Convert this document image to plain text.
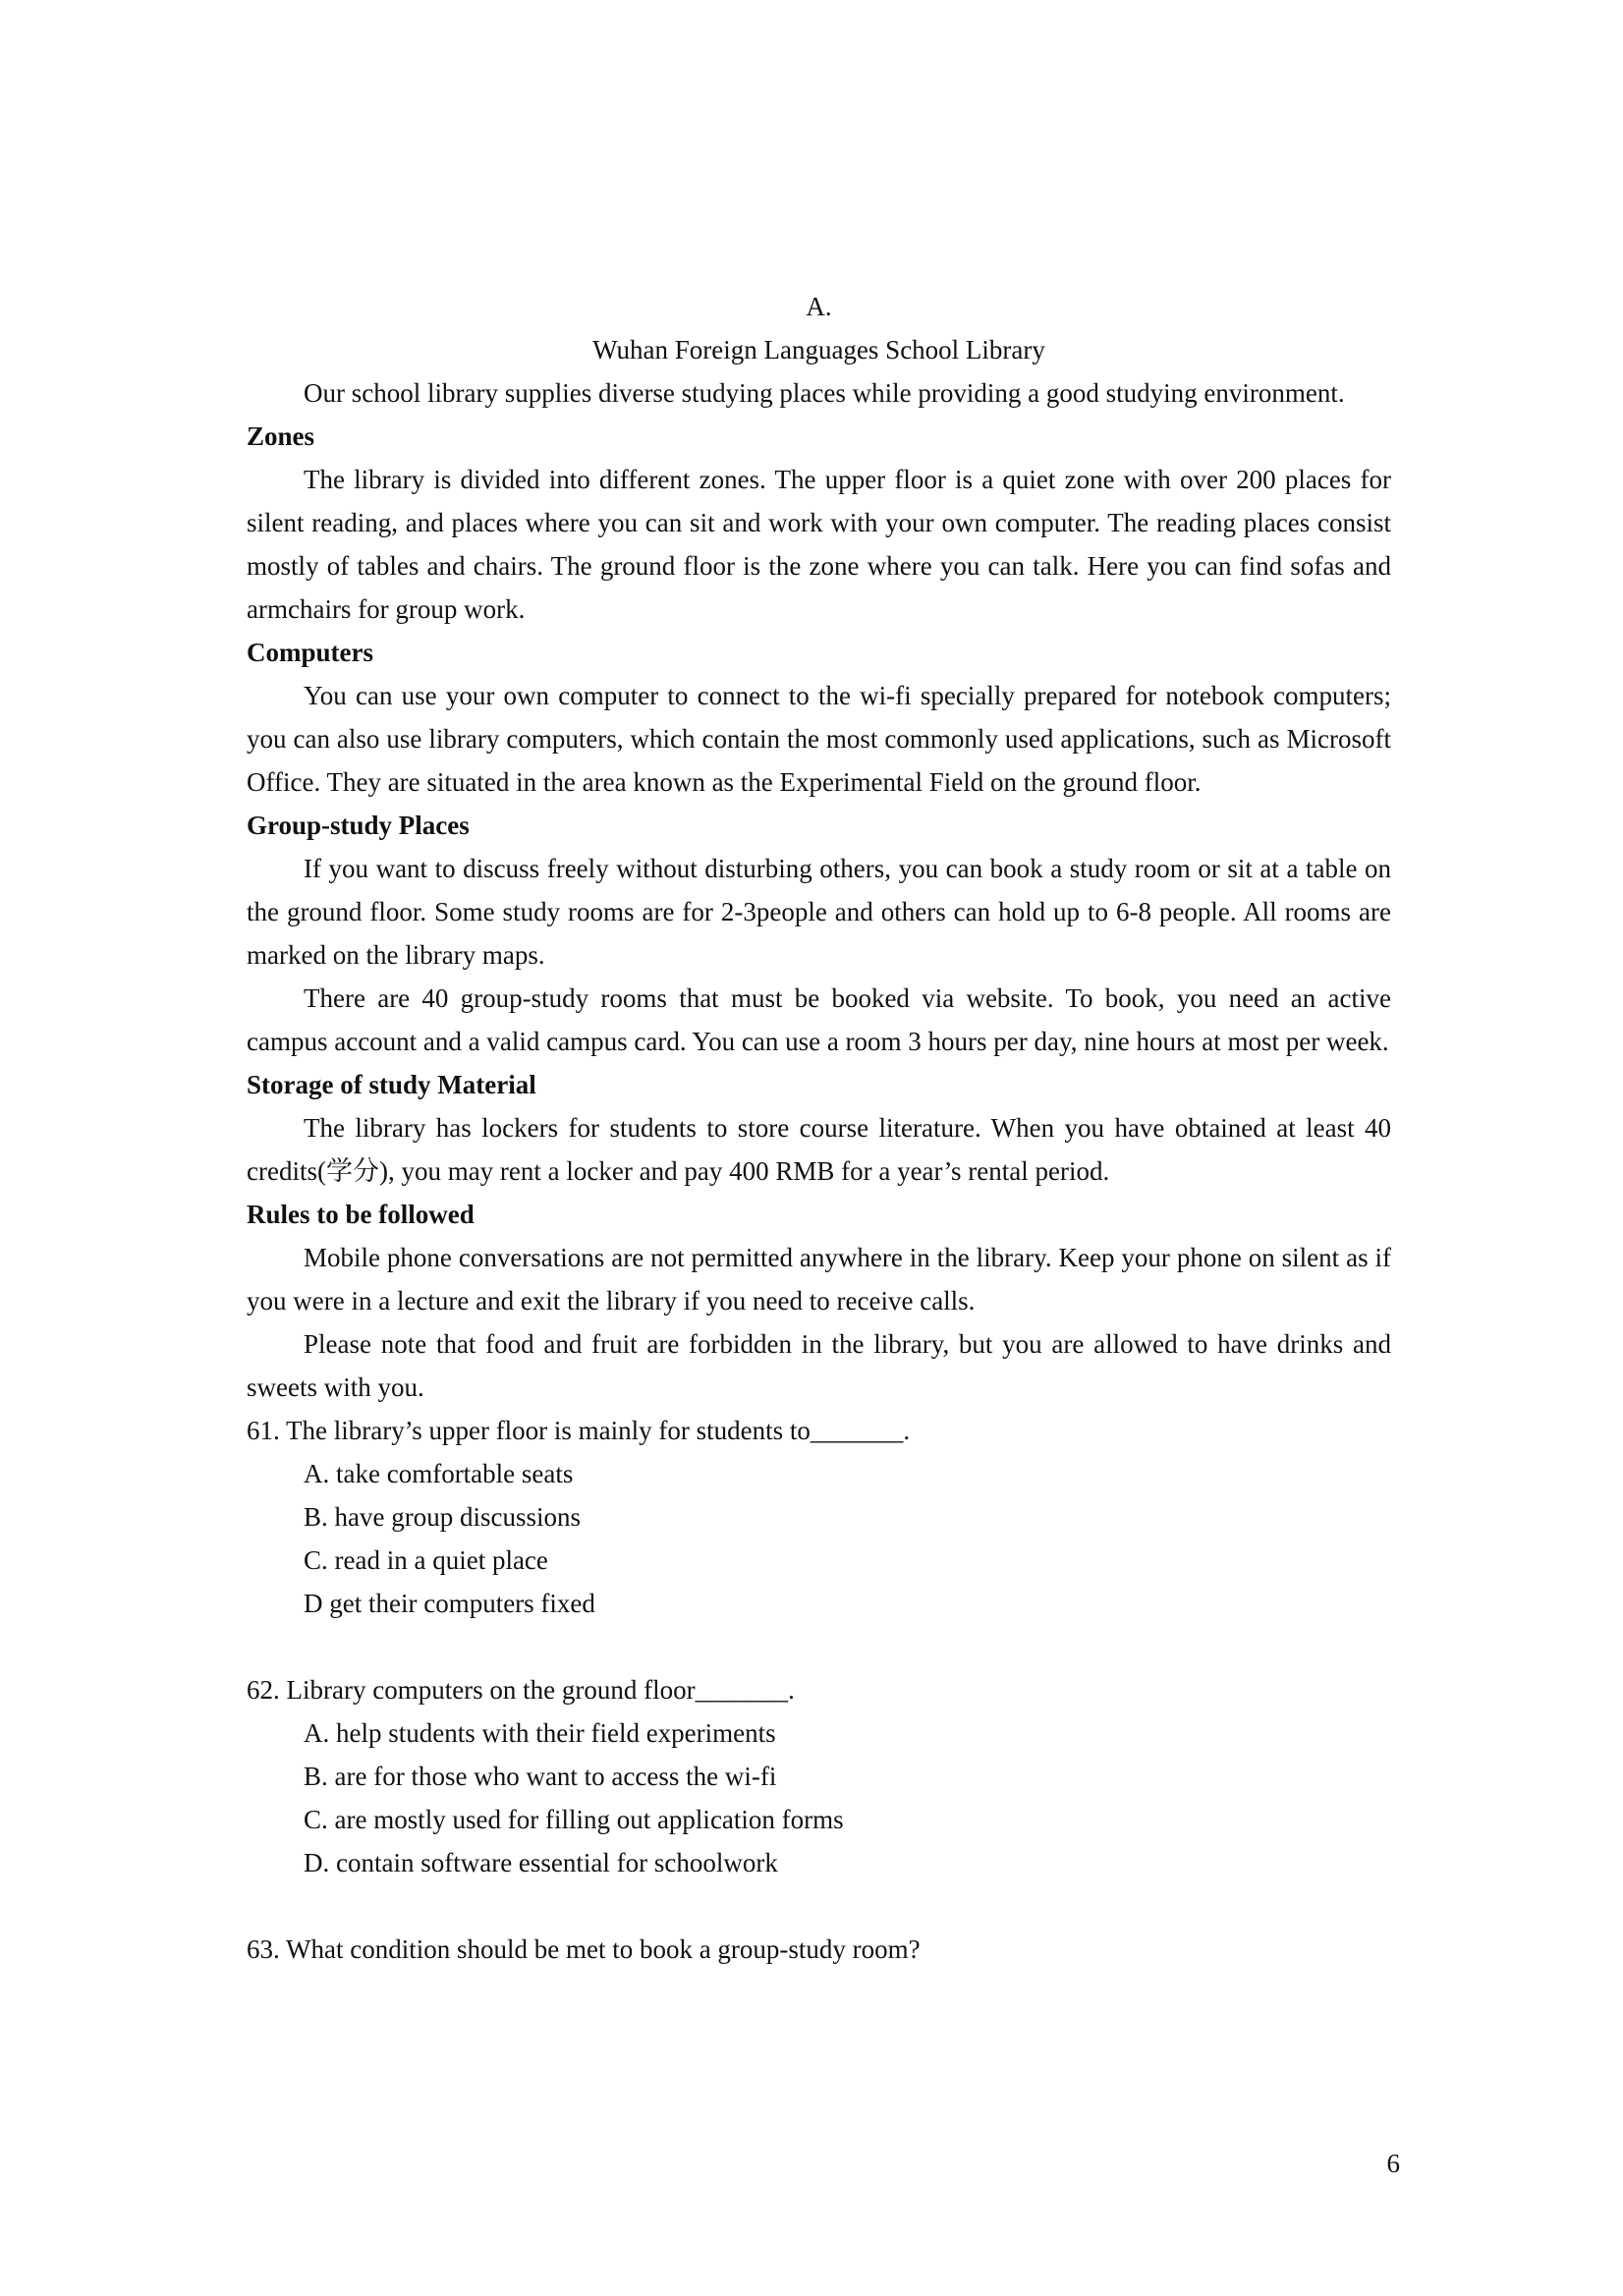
A.
Wuhan Foreign Languages School Library

Our school library supplies diverse studying places while providing a good studying environment.

Zones

The library is divided into different zones. The upper floor is a quiet zone with over 200 places for silent reading, and places where you can sit and work with your own computer. The reading places consist mostly of tables and chairs. The ground floor is the zone where you can talk. Here you can find sofas and armchairs for group work.

Computers

You can use your own computer to connect to the wi-fi specially prepared for notebook computers; you can also use library computers, which contain the most commonly used applications, such as Microsoft Office. They are situated in the area known as the Experimental Field on the ground floor.

Group-study Places

If you want to discuss freely without disturbing others, you can book a study room or sit at a table on the ground floor. Some study rooms are for 2-3people and others can hold up to 6-8 people. All rooms are marked on the library maps.

There are 40 group-study rooms that must be booked via website. To book, you need an active campus account and a valid campus card. You can use a room 3 hours per day, nine hours at most per week.

Storage of study Material

The library has lockers for students to store course literature. When you have obtained at least 40 credits(学分), you may rent a locker and pay 400 RMB for a year’s rental period.

Rules to be followed

Mobile phone conversations are not permitted anywhere in the library. Keep your phone on silent as if you were in a lecture and exit the library if you need to receive calls.

Please note that food and fruit are forbidden in the library, but you are allowed to have drinks and sweets with you.

61. The library’s upper floor is mainly for students to_______.

A. take comfortable seats

B. have group discussions

C. read in a quiet place

D get their computers fixed

62. Library computers on the ground floor_______.

A. help students with their field experiments

B. are for those who want to access the wi-fi

C. are mostly used for filling out application forms

D. contain software essential for schoolwork

63. What condition should be met to book a group-study room?

6
